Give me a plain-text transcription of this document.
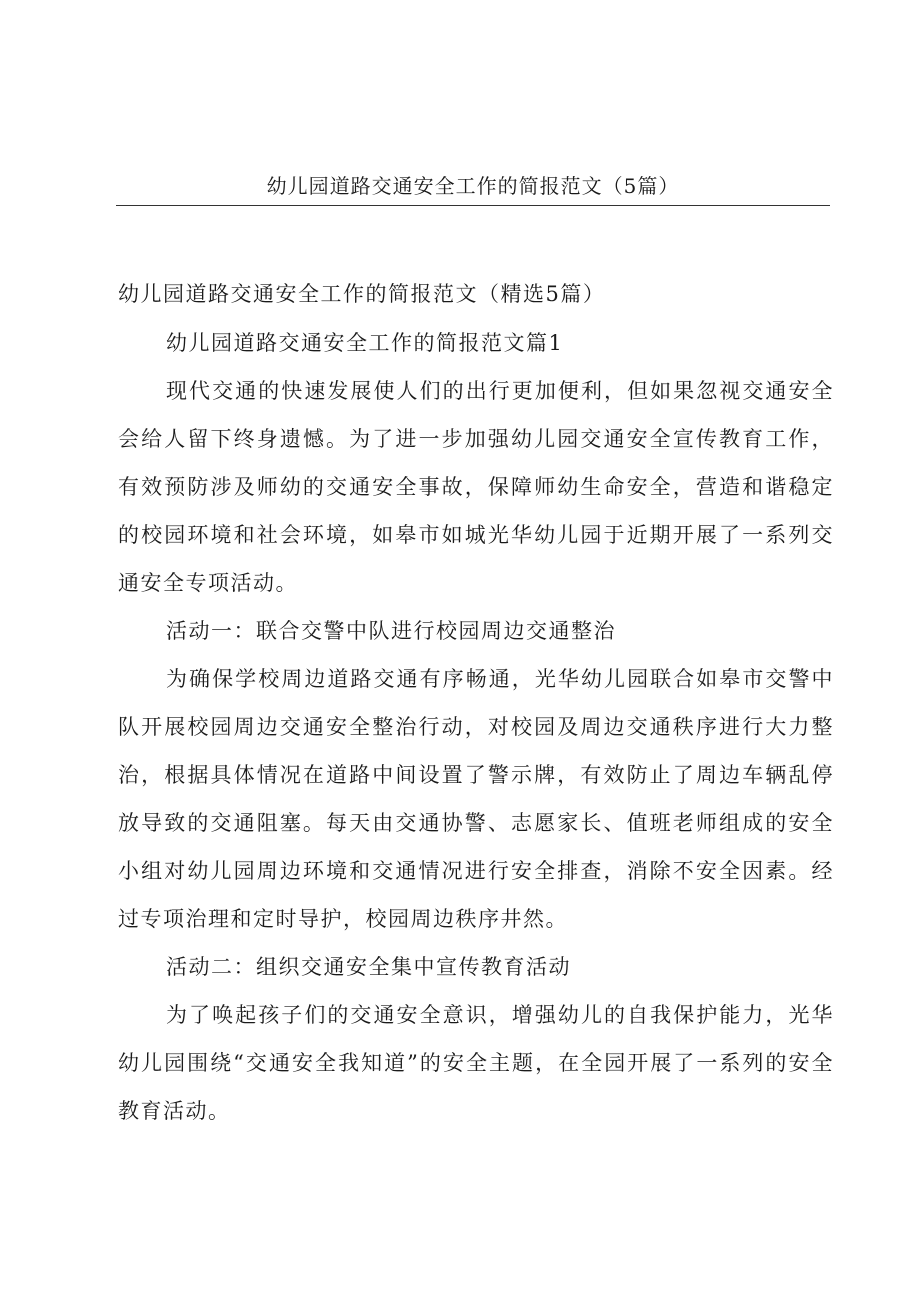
幼儿园道路交通安全工作的简报范文（5篇）

幼儿园道路交通安全工作的简报范文（精选5篇）

幼儿园道路交通安全工作的简报范文篇1

现代交通的快速发展使人们的出行更加便利，但如果忽视交通安全会给人留下终身遗憾。为了进一步加强幼儿园交通安全宣传教育工作，有效预防涉及师幼的交通安全事故，保障师幼生命安全，营造和谐稳定的校园环境和社会环境，如皋市如城光华幼儿园于近期开展了一系列交通安全专项活动。

活动一：联合交警中队进行校园周边交通整治

为确保学校周边道路交通有序畅通，光华幼儿园联合如皋市交警中队开展校园周边交通安全整治行动，对校园及周边交通秩序进行大力整治，根据具体情况在道路中间设置了警示牌，有效防止了周边车辆乱停放导致的交通阻塞。每天由交通协警、志愿家长、值班老师组成的安全小组对幼儿园周边环境和交通情况进行安全排查，消除不安全因素。经过专项治理和定时导护，校园周边秩序井然。

活动二：组织交通安全集中宣传教育活动

为了唤起孩子们的交通安全意识，增强幼儿的自我保护能力，光华幼儿园围绕“交通安全我知道”的安全主题，在全园开展了一系列的安全教育活动。
